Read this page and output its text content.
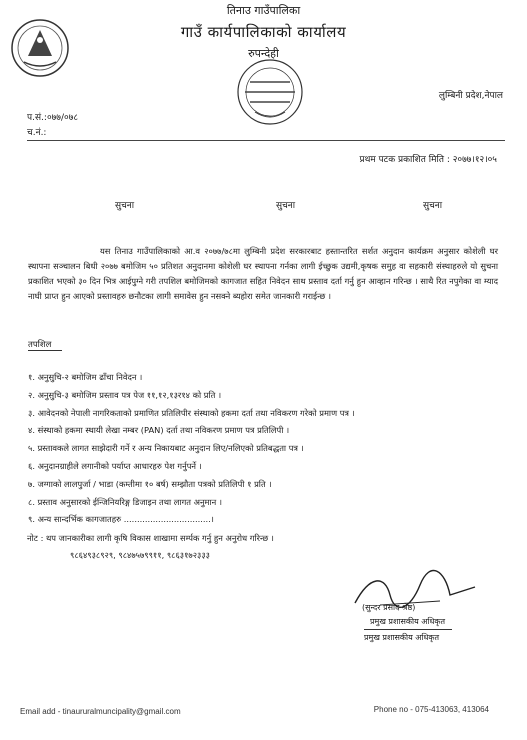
तिनाउ गाउँपालिका
गाउँ कार्यपालिकाको कार्यालय
रुपन्देही
लुम्बिनी प्रदेश,नेपाल
प.सं.:०७७/०७८
च.नं.:
प्रथम पटक प्रकाशित मिति : २०७७।१२।०५
सुचना	सुचना	सुचना

यस तिनाउ गाउँपालिकाको आ.व २०७७/७८मा लुम्बिनी प्रदेश सरकारबाट हस्तान्तरित सर्शत अनुदान कार्यक्रम अनुसार कोशेली घर स्थापना सञ्चालन बिधी २०७७ बमोजिम ५० प्रतिशत अनुदानमा कोशेली घर स्थापना गर्नका लागी ईच्छुक उद्यमी,कृषक समुह वा सहकारी संस्थाहरुले यो सुचना प्रकाशित भएको ३० दिन भित्र आईपुग्ने गरी तपशिल बमोजिमको कागजात सहित निवेदन साथ प्रस्ताव दर्ता गर्नु हुन आव्हान गरिन्छ । साथै रित नपुगेका वा म्याद नाघी प्राप्त हुन आएको प्रस्तावहरु छनौटका लागी समावेस हुन नसक्ने ब्यहोरा समेत जानकारी गराईन्छ ।

तपशिल
१. अनुसुचि-२ बमोजिम ढाँचा निवेदन ।
२. अनुसुचि-३ बमोजिम प्रस्ताव पत्र पेज ११,१२,१३र१४ को प्रति ।
३. आवेदनको नेपाली नागरिकताको प्रमाणित प्रतिलिपीर संस्थाको हकमा दर्ता तथा नविकरण गरेको प्रमाण पत्र ।
४. संस्थाको हकमा स्थायी लेखा नम्बर (PAN) दर्ता तथा नविकरण प्रमाण पत्र प्रतिलिपी ।
५. प्रस्तावकले लागत साझेदारी गर्ने र अन्य निकायबाट अनुदान लिए/नलिएको प्रतिबद्धता पत्र ।
६. अनुदानग्राहीले लगानीको पर्याप्त आधारहरु पेश गर्नुपर्ने ।
७. जग्गाको लालपुर्जा / भाडा (कम्तीमा १० बर्ष) सम्झौता पत्रको प्रतिलिपी १ प्रति ।
८. प्रस्ताव अनुसारको ईन्जिनियरिङ्ग डिजाइन तथा लागत अनुमान ।
९. अन्य सान्दर्भिक कागजातहरु .................................।
नोट : थप जानकारीका लागी कृषि विकास शाखामा सर्म्पक गर्नु हुन अनुरोध गरिन्छ ।
९८६४९३८९२९, ९८४७५७९९११, ९८६३१७२३३३
(सुन्दर प्रसाद श्रेष्ठ)
प्रमुख प्रशासकीय अधिकृत
प्रमुख प्रशासकीय अधिकृत
Email add - tinaururalmuncipality@gmail.com	Phone no - 075-413063, 413064
